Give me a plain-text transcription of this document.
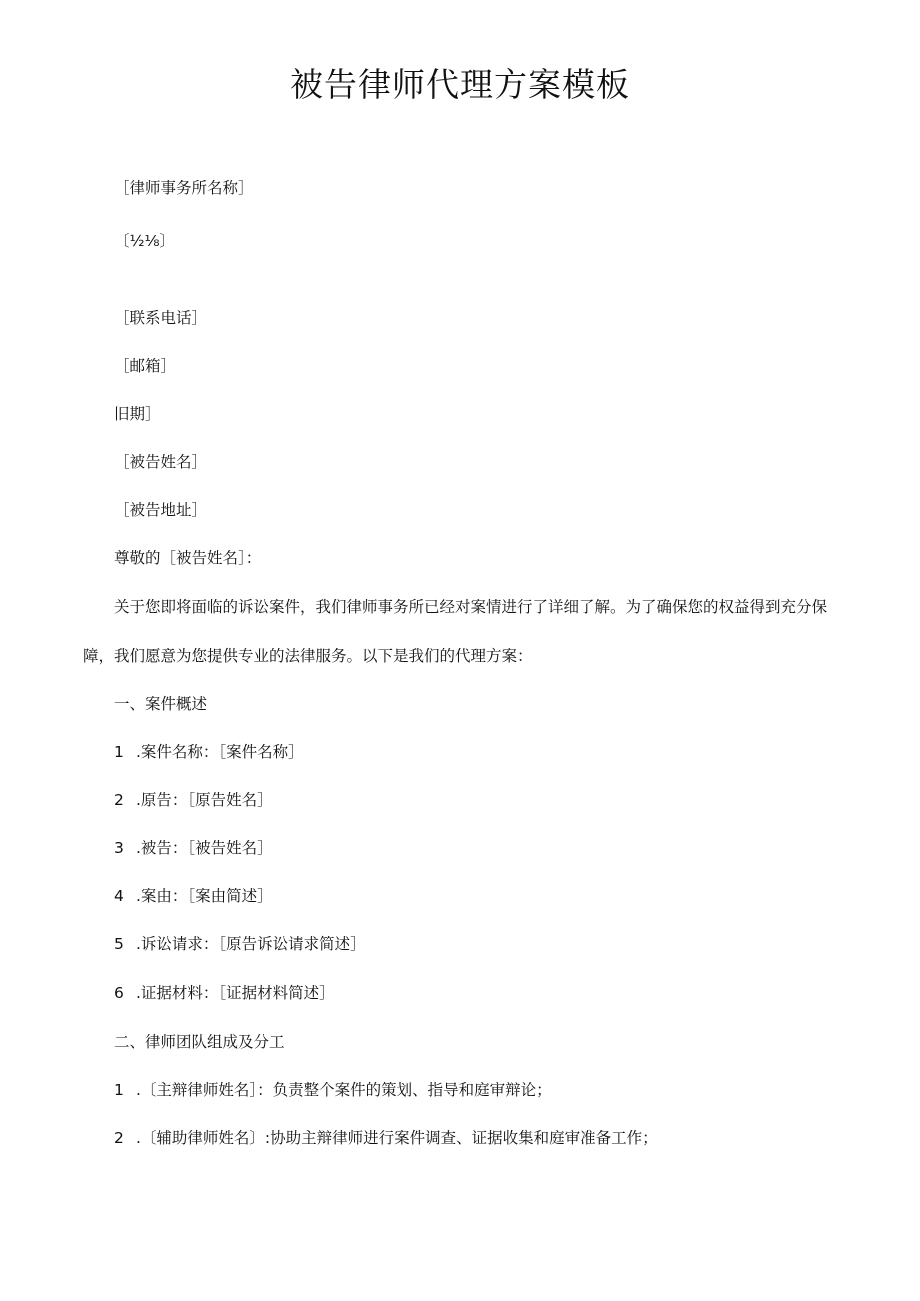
被告律师代理方案模板

［律师事务所名称］

〔½⅛〕

［联系电话］

［邮箱］

旧期］

［被告姓名］

［被告地址］

尊敬的［被告姓名］：

关于您即将面临的诉讼案件，我们律师事务所已经对案情进行了详细了解。为了确保您的权益得到充分保

障，我们愿意为您提供专业的法律服务。以下是我们的代理方案：

一、案件概述

1 .案件名称：［案件名称］

2 .原告：［原告姓名］

3 .被告：［被告姓名］

4 .案由：［案由简述］

5 .诉讼请求：［原告诉讼请求简述］

6 .证据材料：［证据材料简述］

二、律师团队组成及分工

1 .〔主辩律师姓名］：负责整个案件的策划、指导和庭审辩论；

2 .〔辅助律师姓名〕:协助主辩律师进行案件调查、证据收集和庭审准备工作；
